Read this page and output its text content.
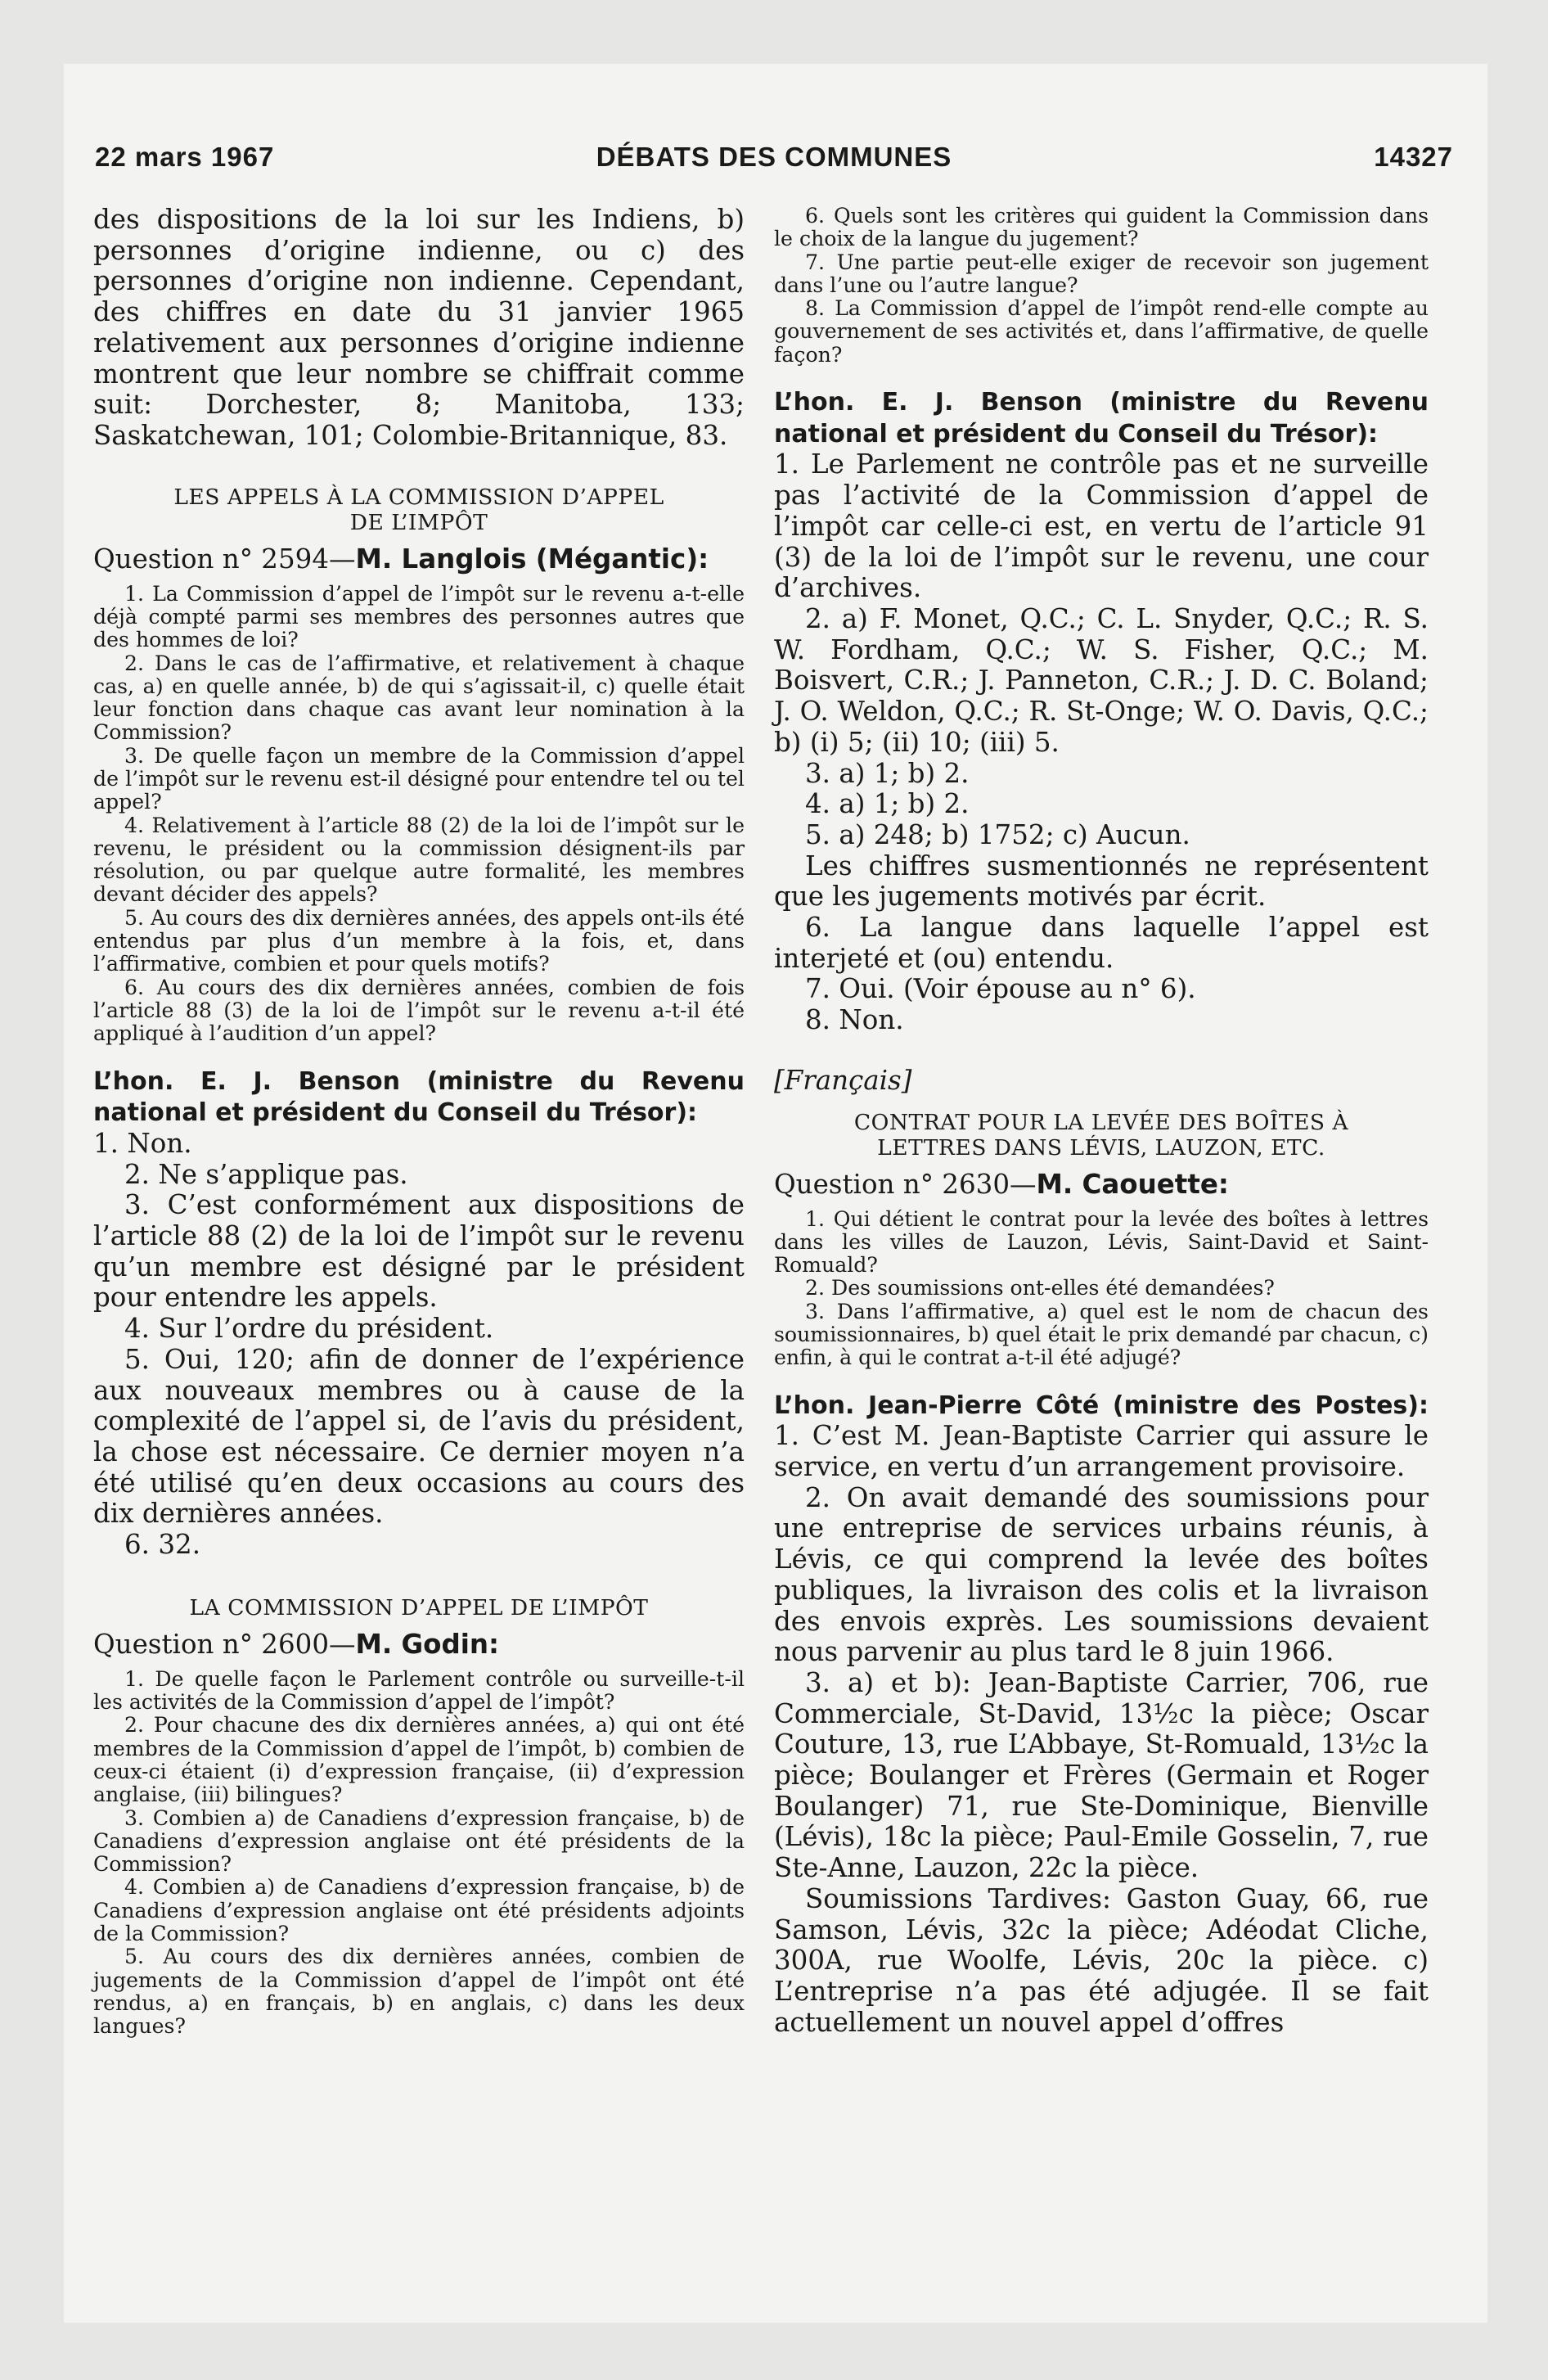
22 mars 1967	DÉBATS DES COMMUNES	14327

des dispositions de la loi sur les Indiens, b) personnes d’origine indienne, ou c) des personnes d’origine non indienne. Cependant, des chiffres en date du 31 janvier 1965 relativement aux personnes d’origine indienne montrent que leur nombre se chiffrait comme suit: Dorchester, 8; Manitoba, 133; Saskatchewan, 101; Colombie-Britannique, 83.

LES APPELS À LA COMMISSION D’APPEL

DE L’IMPÔT

Question n° 2594—M. Langlois (Mégantic):

1. La Commission d’appel de l’impôt sur le revenu a-t-elle déjà compté parmi ses membres des personnes autres que des hommes de loi?

2. Dans le cas de l’affirmative, et relativement à chaque cas, a) en quelle année, b) de qui s’agissait-il, c) quelle était leur fonction dans chaque cas avant leur nomination à la Commission?

3. De quelle façon un membre de la Commission d’appel de l’impôt sur le revenu est-il désigné pour entendre tel ou tel appel?

4. Relativement à l’article 88 (2) de la loi de l’impôt sur le revenu, le président ou la commission désignent-ils par résolution, ou par quelque autre formalité, les membres devant décider des appels?

5. Au cours des dix dernières années, des appels ont-ils été entendus par plus d’un membre à la fois, et, dans l’affirmative, combien et pour quels motifs?

6. Au cours des dix dernières années, combien de fois l’article 88 (3) de la loi de l’impôt sur le revenu a-t-il été appliqué à l’audition d’un appel?

L’hon. E. J. Benson (ministre du Revenu national et président du Conseil du Trésor):

1. Non.

2. Ne s’applique pas.

3. C’est conformément aux dispositions de l’article 88 (2) de la loi de l’impôt sur le revenu qu’un membre est désigné par le président pour entendre les appels.

4. Sur l’ordre du président.

5. Oui, 120; afin de donner de l’expérience aux nouveaux membres ou à cause de la complexité de l’appel si, de l’avis du président, la chose est nécessaire. Ce dernier moyen n’a été utilisé qu’en deux occasions au cours des dix dernières années.

6. 32.

LA COMMISSION D’APPEL DE L’IMPÔT

Question n° 2600—M. Godin:

1. De quelle façon le Parlement contrôle ou surveille-t-il les activités de la Commission d’appel de l’impôt?

2. Pour chacune des dix dernières années, a) qui ont été membres de la Commission d’appel de l’impôt, b) combien de ceux-ci étaient (i) d’expression française, (ii) d’expression anglaise, (iii) bilingues?

3. Combien a) de Canadiens d’expression française, b) de Canadiens d’expression anglaise ont été présidents de la Commission?

4. Combien a) de Canadiens d’expression française, b) de Canadiens d’expression anglaise ont été présidents adjoints de la Commission?

5. Au cours des dix dernières années, combien de jugements de la Commission d’appel de l’impôt ont été rendus, a) en français, b) en anglais, c) dans les deux langues?

6. Quels sont les critères qui guident la Commission dans le choix de la langue du jugement?

7. Une partie peut-elle exiger de recevoir son jugement dans l’une ou l’autre langue?

8. La Commission d’appel de l’impôt rend-elle compte au gouvernement de ses activités et, dans l’affirmative, de quelle façon?

L’hon. E. J. Benson (ministre du Revenu national et président du Conseil du Trésor):

1. Le Parlement ne contrôle pas et ne surveille pas l’activité de la Commission d’appel de l’impôt car celle-ci est, en vertu de l’article 91 (3) de la loi de l’impôt sur le revenu, une cour d’archives.

2. a) F. Monet, Q.C.; C. L. Snyder, Q.C.; R. S. W. Fordham, Q.C.; W. S. Fisher, Q.C.; M. Boisvert, C.R.; J. Panneton, C.R.; J. D. C. Boland; J. O. Weldon, Q.C.; R. St-Onge; W. O. Davis, Q.C.; b) (i) 5; (ii) 10; (iii) 5.

3. a) 1; b) 2.

4. a) 1; b) 2.

5. a) 248; b) 1752; c) Aucun.

Les chiffres susmentionnés ne représentent que les jugements motivés par écrit.

6. La langue dans laquelle l’appel est interjeté et (ou) entendu.

7. Oui. (Voir épouse au n° 6).

8. Non.

[Français]

CONTRAT POUR LA LEVÉE DES BOÎTES À

LETTRES DANS LÉVIS, LAUZON, ETC.

Question n° 2630—M. Caouette:

1. Qui détient le contrat pour la levée des boîtes à lettres dans les villes de Lauzon, Lévis, Saint-David et Saint-Romuald?

2. Des soumissions ont-elles été demandées?

3. Dans l’affirmative, a) quel est le nom de chacun des soumissionnaires, b) quel était le prix demandé par chacun, c) enfin, à qui le contrat a-t-il été adjugé?

L’hon. Jean-Pierre Côté (ministre des Postes): 1. C’est M. Jean-Baptiste Carrier qui assure le service, en vertu d’un arrangement provisoire.

2. On avait demandé des soumissions pour une entreprise de services urbains réunis, à Lévis, ce qui comprend la levée des boîtes publiques, la livraison des colis et la livraison des envois exprès. Les soumissions devaient nous parvenir au plus tard le 8 juin 1966.

3. a) et b): Jean-Baptiste Carrier, 706, rue Commerciale, St-David, 13½c la pièce; Oscar Couture, 13, rue L’Abbaye, St-Romuald, 13½c la pièce; Boulanger et Frères (Germain et Roger Boulanger) 71, rue Ste-Dominique, Bienville (Lévis), 18c la pièce; Paul-Emile Gosselin, 7, rue Ste-Anne, Lauzon, 22c la pièce.

Soumissions Tardives: Gaston Guay, 66, rue Samson, Lévis, 32c la pièce; Adéodat Cliche, 300A, rue Woolfe, Lévis, 20c la pièce. c) L’entreprise n’a pas été adjugée. Il se fait actuellement un nouvel appel d’offres
